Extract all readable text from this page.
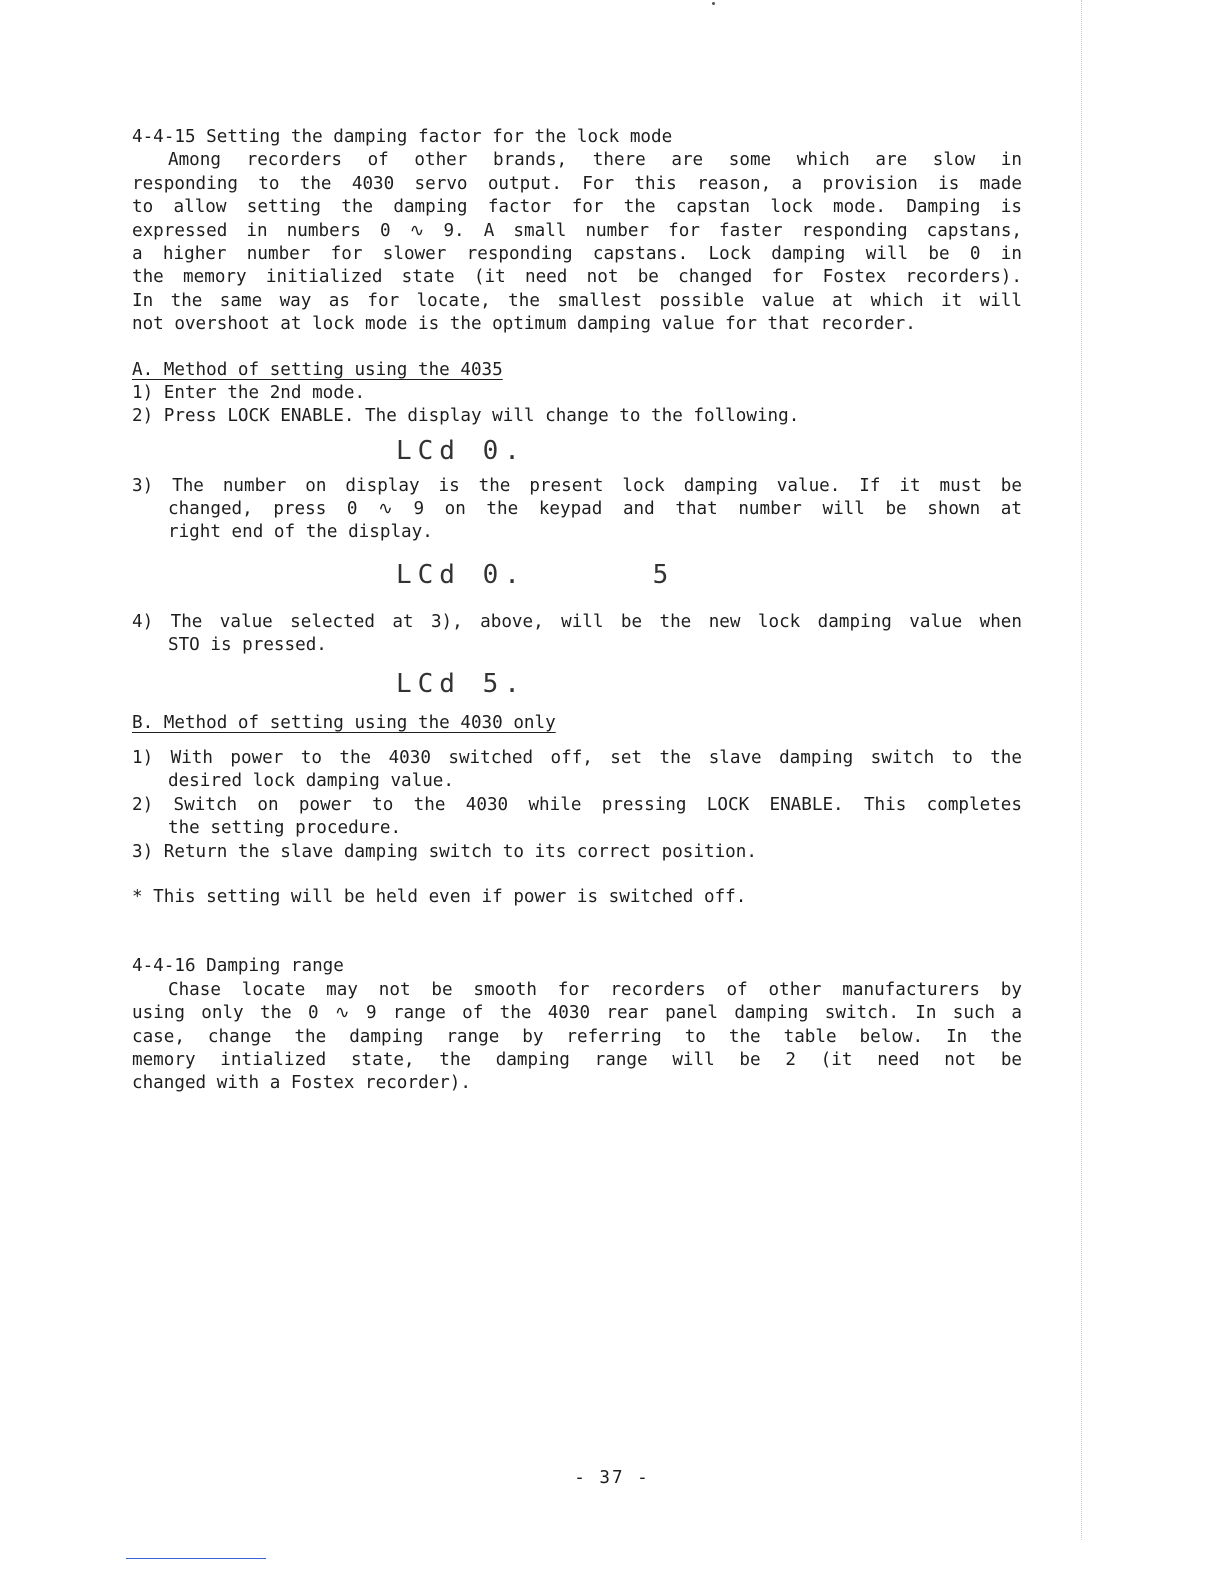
4-4-15 Setting the damping factor for the lock mode
Among recorders of other brands, there are some which are slow in
responding to the 4030 servo output. For this reason, a provision is made
to allow setting the damping factor for the capstan lock mode. Damping is
expressed in numbers 0 ∿ 9. A small number for faster responding capstans,
a higher number for slower responding capstans. Lock damping will be 0 in
the memory initialized state (it need not be changed for Fostex recorders).
In the same way as for locate, the smallest possible value at which it will
not overshoot at lock mode is the optimum damping value for that recorder.
A. Method of setting using the 4035
1) Enter the 2nd mode.
2) Press LOCK ENABLE. The display will change to the following.
LCd
0.
3) The number on display is the present lock damping value. If it must be
changed, press 0 ∿ 9 on the keypad and that number will be shown at
right end of the display.
LCd
0.	5
4) The value selected at 3), above, will be the new lock damping value when
STO is pressed.
LCd
5.
B. Method of setting using the 4030 only
1) With power to the 4030 switched off, set the slave damping switch to the
desired lock damping value.
2) Switch on power to the 4030 while pressing LOCK ENABLE. This completes
the setting procedure.
3) Return the slave damping switch to its correct position.
* This setting will be held even if power is switched off.
4-4-16 Damping range
Chase locate may not be smooth for recorders of other manufacturers by
using only the 0 ∿ 9 range of the 4030 rear panel damping switch. In such a
case, change the damping range by referring to the table below. In the
memory intialized state, the damping range will be 2 (it need not be
changed with a Fostex recorder).
- 37 -
